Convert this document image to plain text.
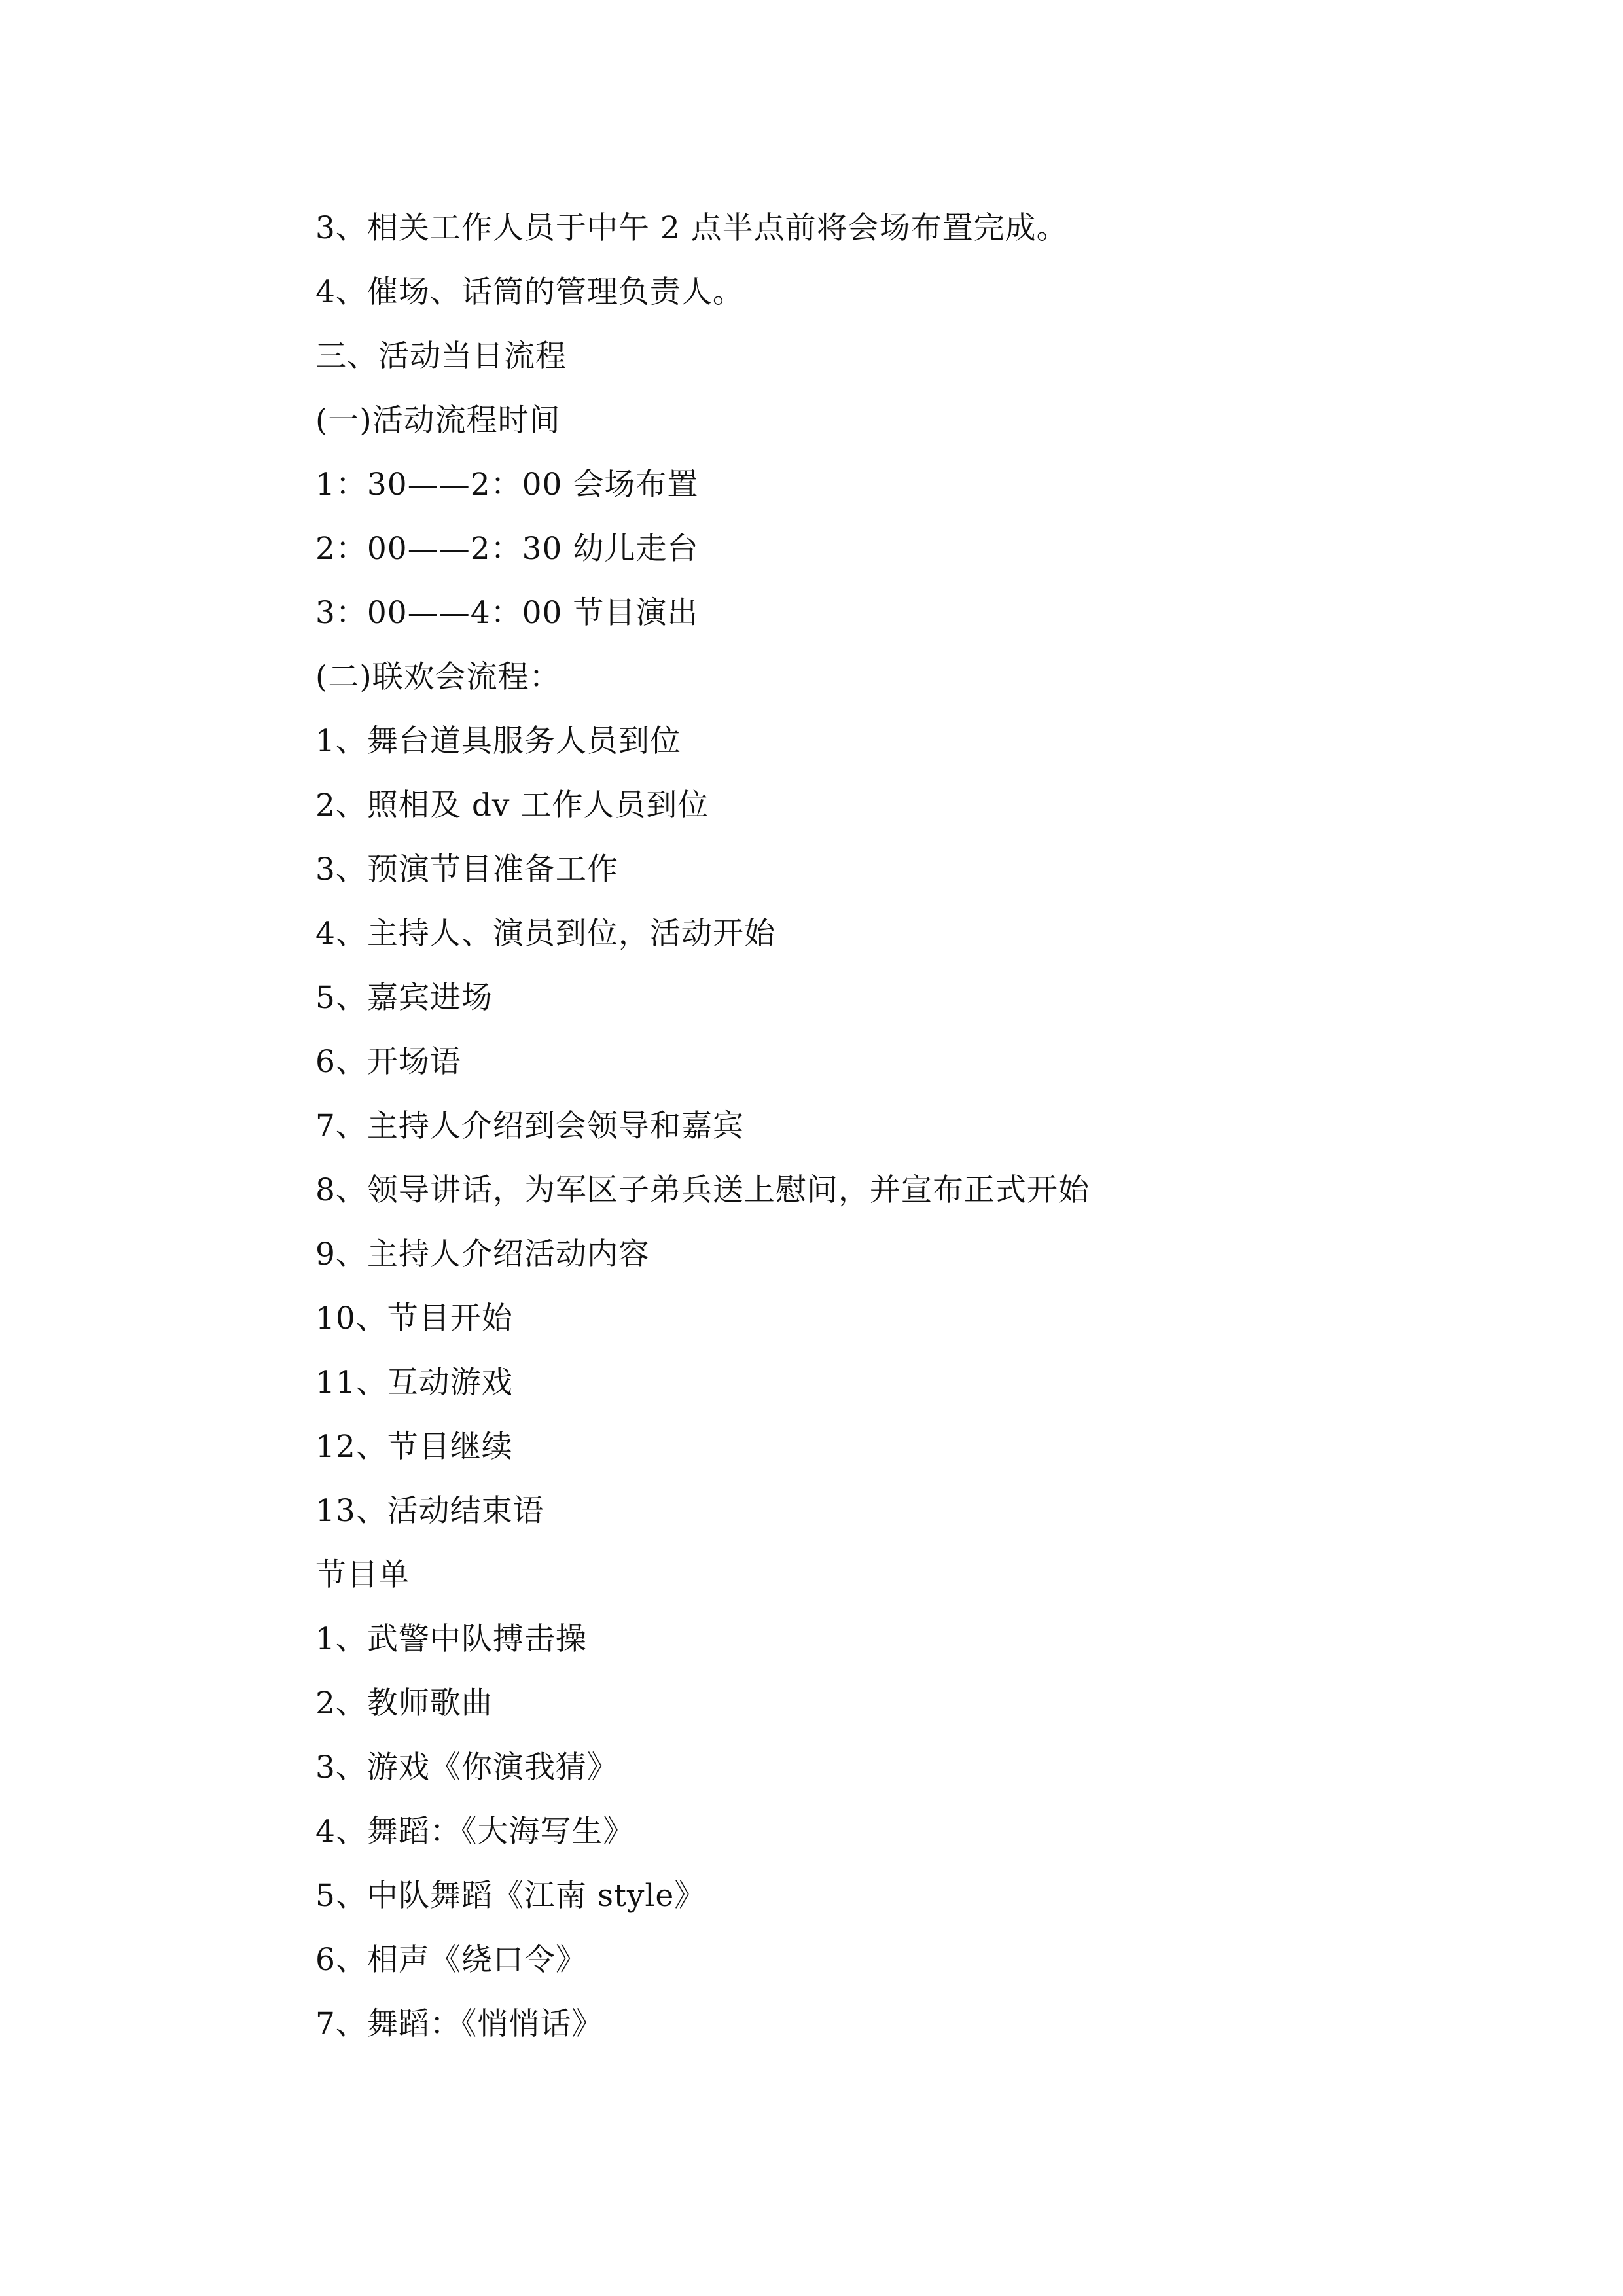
3、相关工作人员于中午 2 点半点前将会场布置完成。
4、催场、话筒的管理负责人。
三、活动当日流程
(一)活动流程时间
1：30——2：00 会场布置
2：00——2：30 幼儿走台
3：00——4：00 节目演出
(二)联欢会流程：
1、舞台道具服务人员到位
2、照相及 dv 工作人员到位
3、预演节目准备工作
4、主持人、演员到位，活动开始
5、嘉宾进场
6、开场语
7、主持人介绍到会领导和嘉宾
8、领导讲话，为军区子弟兵送上慰问，并宣布正式开始
9、主持人介绍活动内容
10、节目开始
11、互动游戏
12、节目继续
13、活动结束语
节目单
1、武警中队搏击操
2、教师歌曲
3、游戏《你演我猜》
4、舞蹈：《大海写生》
5、中队舞蹈《江南 style》
6、相声《绕口令》
7、舞蹈：《悄悄话》
